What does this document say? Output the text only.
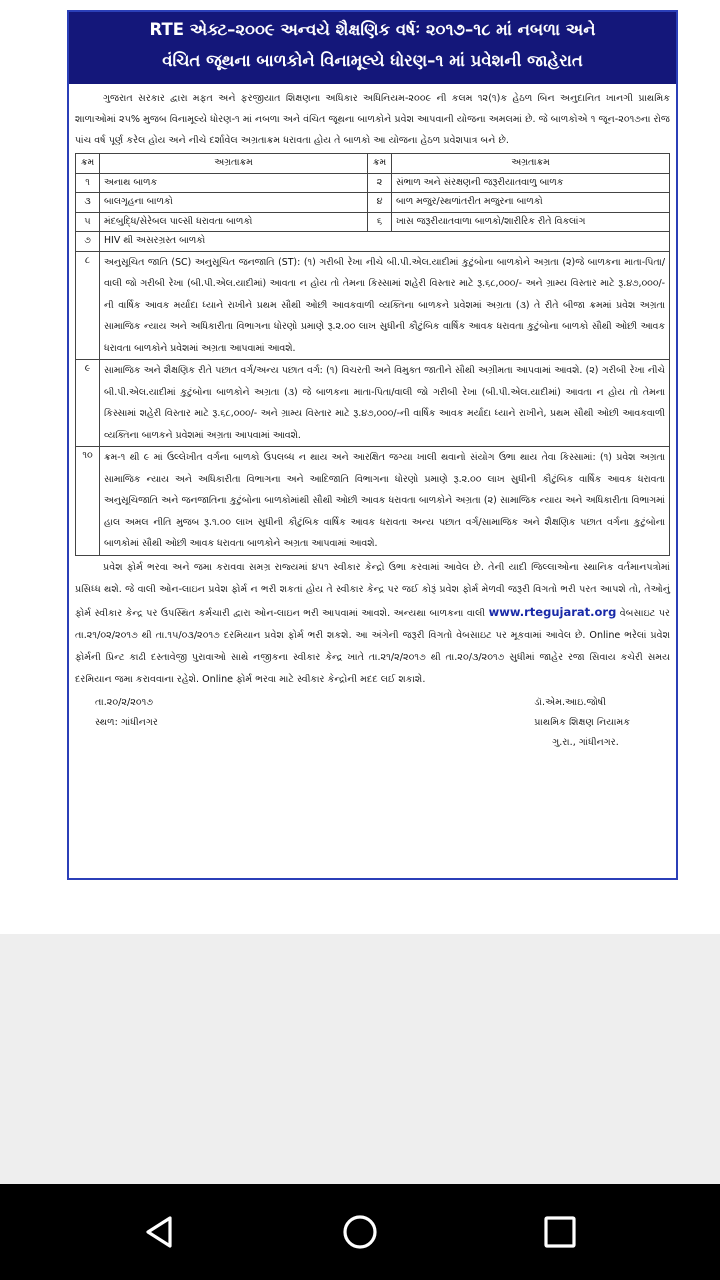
RTE એક્ટ–૨૦૦૯ અન્વયે શૈક્ષણિક વર્ષઃ ૨૦૧૭–૧૮ માં નબળા અને
વંચિત જૂથના બાળકોને વિનામૂલ્યે ધોરણ–૧ માં પ્રવેશની જાહેરાત

ગુજરાત સરકાર દ્વારા મફત અને ફરજીયાત શિક્ષણના અધિકાર અધિનિયમ-૨૦૦૯ ની કલમ ૧૨(૧)ક હેઠળ બિન અનુદાનિત ખાનગી પ્રાથમિક શાળાઓમાં ૨૫% મુજબ વિનામૂલ્યે ધોરણ-૧ માં નબળા અને વંચિત જૂથના બાળકોને પ્રવેશ આપવાની યોજના અમલમાં છે. જે બાળકોએ ૧ જૂન-૨૦૧૭ના રોજ પાંચ વર્ષ પૂર્ણ કરેલ હોય અને નીચે દર્શાવેલ અગ્રતાક્રમ ધરાવતા હોય તે બાળકો આ યોજના હેઠળ પ્રવેશપાત્ર બને છે.

ક્રમ	અગ્રતાક્રમ	ક્રમ	અગ્રતાક્રમ
૧	અનાથ બાળક	૨	સંભાળ અને સંરક્ષણની જરૂરીયાતવાળુ બાળક
૩	બાલગૃહના બાળકો	૪	બાળ મજુર/સ્થળાંતરીત મજુરના બાળકો
૫	મંદબુદ્ધિ/સેરેબલ પાલ્સી ધરાવતા બાળકો	૬	ખાસ જરૂરીયાતવાળા બાળકો/શારીરિક રીતે વિકલાંગ
૭	HIV થી અસરગ્રસ્ત બાળકો		
૮	અનુસૂચિત જાતિ (SC) અનુસૂચિત જનજાતિ (ST): (૧) ગરીબી રેખા નીચે બી.પી.એલ.યાદીમાં કુટુંબોના બાળકોને અગ્રતા (૨)જે બાળકના માતા-પિતા/વાલી જો ગરીબી રેખા (બી.પી.એલ.યાદીમાં) આવતા ન હોય તો તેમના કિસ્સામાં શહેરી વિસ્તાર માટે રૂ.૬૮,૦૦૦/- અને ગ્રામ્ય વિસ્તાર માટે રૂ.૪૭,૦૦૦/- ની વાર્ષિક આવક મર્યાદા ધ્યાને રાખીને પ્રથમ સૌથી ઓછી આવકવાળી વ્યક્તિના બાળકને પ્રવેશમાં અગ્રતા (૩) તે રીતે બીજા ક્રમમાં પ્રવેશ અગ્રતા સામાજિક ન્યાય અને અધિકારીતા વિભાગના ધોરણો પ્રમાણે રૂ.૨.૦૦ લાખ સુધીની કૌટુંબિક વાર્ષિક આવક ધરાવતા કુટુંબોના બાળકો સૌથી ઓછી આવક ધરાવતા બાળકોને પ્રવેશમાં અગ્રતા આપવામાં આવશે.		
૯	સામાજિક અને શૈક્ષણિક રીતે પછાત વર્ગ/અન્ય પછાત વર્ગ: (૧) વિચરતી અને વિમુક્ત જાતીને સૌથી અગ્રીમતા આપવામાં આવશે. (૨) ગરીબી રેખા નીચે બી.પી.એલ.યાદીમાં કુટુંબોના બાળકોને અગ્રતા (૩) જે બાળકના માતા-પિતા/વાલી જો ગરીબી રેખા (બી.પી.એલ.યાદીમાં) આવતા ન હોય તો તેમના કિસ્સામાં શહેરી વિસ્તાર માટે રૂ.૬૮,૦૦૦/- અને ગ્રામ્ય વિસ્તાર માટે રૂ.૪૭,૦૦૦/-ની વાર્ષિક આવક મર્યાદા ધ્યાને રાખીને, પ્રથમ સૌથી ઓછી આવકવાળી વ્યક્તિના બાળકને પ્રવેશમાં અગ્રતા આપવામાં આવશે.		
૧૦	ક્રમ-૧ થી ૯ માં ઉલ્લેખીત વર્ગના બાળકો ઉપલબ્ધ ન થાય અને આરક્ષિત જગ્યા ખાલી થવાનો સંયોગ ઉભા થાય તેવા કિસ્સામાં: (૧) પ્રવેશ અગ્રતા સામાજિક ન્યાય અને અધિકારીતા વિભાગના અને આદિજાતિ વિભાગના ધોરણો પ્રમાણે રૂ.૨.૦૦ લાખ સુધીની કૌટુંબિક વાર્ષિક આવક ધરાવતા અનુસૂચિજાતિ અને જનજાતિના કુટુંબોના બાળકોમાંથી સૌથી ઓછી આવક ધરાવતા બાળકોને અગ્રતા (૨) સામાજિક ન્યાય અને અધિકારીતા વિભાગમાં હાલ અમલ નીતિ મુજબ રૂ.૧.૦૦ લાખ સુધીની કૌટુંબિક વાર્ષિક આવક ધરાવતા અન્ય પછાત વર્ગ/સામાજિક અને શૈક્ષણિક પછાત વર્ગના કુટુંબોના બાળકોમાં સૌથી ઓછી આવક ધરાવતા બાળકોને અગ્રતા આપવામાં આવશે.		

પ્રવેશ ફોર્મ ભરવા અને જમા કરાવવા સમગ્ર રાજ્યમાં ૪૫૧ સ્વીકાર કેન્દ્રો ઉભા કરવામાં આવેલ છે. તેની યાદી જિલ્લાઓના સ્થાનિક વર્તમાનપત્રોમાં પ્રસિધ્ધ થશે. જે વાલી ઓન-લાઇન પ્રવેશ ફોર્મ ન ભરી શકતાં હોય તે સ્વીકાર કેન્દ્ર પર જઈ કોરૂં પ્રવેશ ફોર્મ મેળવી જરૂરી વિગતો ભરી પરત આપશે તો, તેઓનું ફોર્મ સ્વીકાર કેન્દ્ર પર ઉપસ્થિત કર્મચારી દ્વારા ઓન-લાઇન ભરી આપવામાં આવશે. અન્યથા બાળકના વાલી www.rtegujarat.org વેબસાઇટ પર તા.૨૧/૦૨/૨૦૧૭ થી તા.૧૫/૦૩/૨૦૧૭ દરમિયાન પ્રવેશ ફોર્મ ભરી શકશે. આ અંગેની જરૂરી વિગતો વેબસાઇટ પર મૂકવામાં આવેલ છે. Online ભરેલાં પ્રવેશ ફોર્મની પ્રિન્ટ કાઢી દસ્તાવેજી પુરાવાઓ સાથે નજીકના સ્વીકાર કેન્દ્ર ખાતે તા.૨૧/૨/૨૦૧૭ થી તા.૨૦/૩/૨૦૧૭ સુધીમાં જાહેર રજા સિવાય કચેરી સમય દરમિયાન જમા કરાવવાના રહેશે. Online ફોર્મ ભરવા માટે સ્વીકાર કેન્દ્રોની મદદ લઈ શકાશે.

તા.૨૦/૨/૨૦૧૭
સ્થળ: ગાંધીનગર
ડૉ.એમ.આઇ.જોષી
પ્રાથમિક શિક્ષણ નિયામક
ગુ.રા., ગાંધીનગર.
